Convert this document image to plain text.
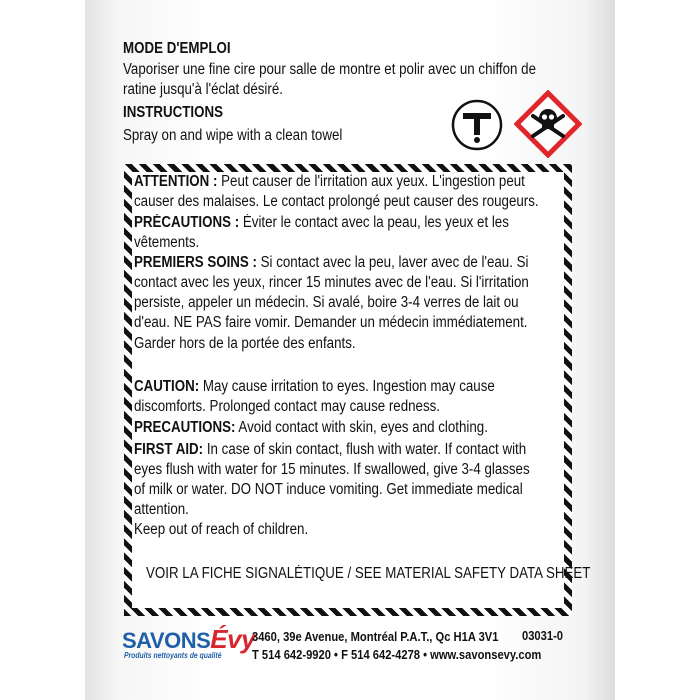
MODE D'EMPLOI
Vaporiser une fine cire pour salle de montre et polir avec un chiffon de
ratine jusqu'à l'éclat désiré.
INSTRUCTIONS
Spray on and wipe with a clean towel
ATTENTION : Peut causer de l'irritation aux yeux. L'ingestion peut
causer des malaises. Le contact prolongé peut causer des rougeurs.
PRÉCAUTIONS : Éviter le contact avec la peau, les yeux et les
vêtements.
PREMIERS SOINS : Si contact avec la peu, laver avec de l'eau. Si
contact avec les yeux, rincer 15 minutes avec de l'eau. Si l'irritation
persiste, appeler un médecin. Si avalé, boire 3-4 verres de lait ou
d'eau. NE PAS faire vomir. Demander un médecin immédiatement.
Garder hors de la portée des enfants.
CAUTION: May cause irritation to eyes. Ingestion may cause
discomforts. Prolonged contact may cause redness.
PRECAUTIONS: Avoid contact with skin, eyes and clothing.
FIRST AID: In case of skin contact, flush with water. If contact with
eyes flush with water for 15 minutes. If swallowed, give 3-4 glasses
of milk or water. DO NOT induce vomiting. Get immediate medical
attention.
Keep out of reach of children.
VOIR LA FICHE SIGNALÉTIQUE / SEE MATERIAL SAFETY DATA SHEET
SAVONSÉvy
Produits nettoyants de qualité
3460, 39e Avenue, Montréal P.A.T., Qc H1A 3V1
T 514 642-9920 • F 514 642-4278 • www.savonsevy.com
03031-0
